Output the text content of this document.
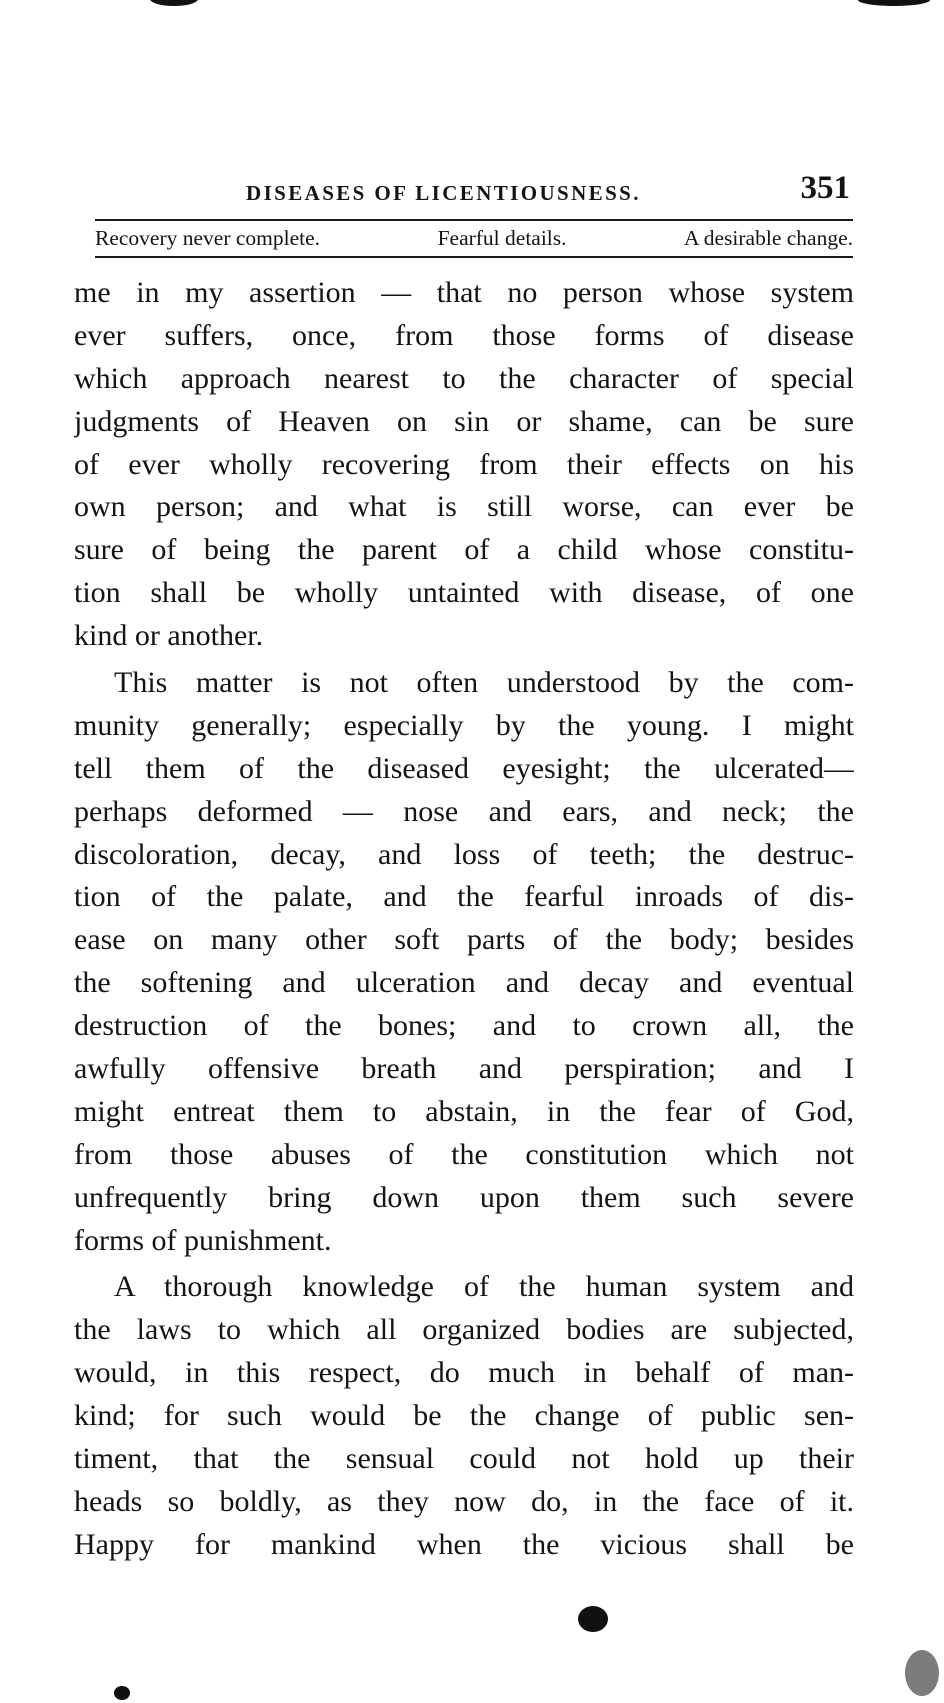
DISEASES OF LICENTIOUSNESS.	351
Recovery never complete.	Fearful details.	A desirable change.
me in my assertion — that no person whose system
ever suffers, once, from those forms of disease
which approach nearest to the character of special
judgments of Heaven on sin or shame, can be sure
of ever wholly recovering from their effects on his
own person; and what is still worse, can ever be
sure of being the parent of a child whose constitu-
tion shall be wholly untainted with disease, of one
kind or another.
This matter is not often understood by the com-
munity generally; especially by the young. I might
tell them of the diseased eyesight; the ulcerated—
perhaps deformed — nose and ears, and neck; the
discoloration, decay, and loss of teeth; the destruc-
tion of the palate, and the fearful inroads of dis-
ease on many other soft parts of the body; besides
the softening and ulceration and decay and eventual
destruction of the bones; and to crown all, the
awfully offensive breath and perspiration; and I
might entreat them to abstain, in the fear of God,
from those abuses of the constitution which not
unfrequently bring down upon them such severe
forms of punishment.
A thorough knowledge of the human system and
the laws to which all organized bodies are subjected,
would, in this respect, do much in behalf of man-
kind; for such would be the change of public sen-
timent, that the sensual could not hold up their
heads so boldly, as they now do, in the face of it.
Happy for mankind when the vicious shall be
